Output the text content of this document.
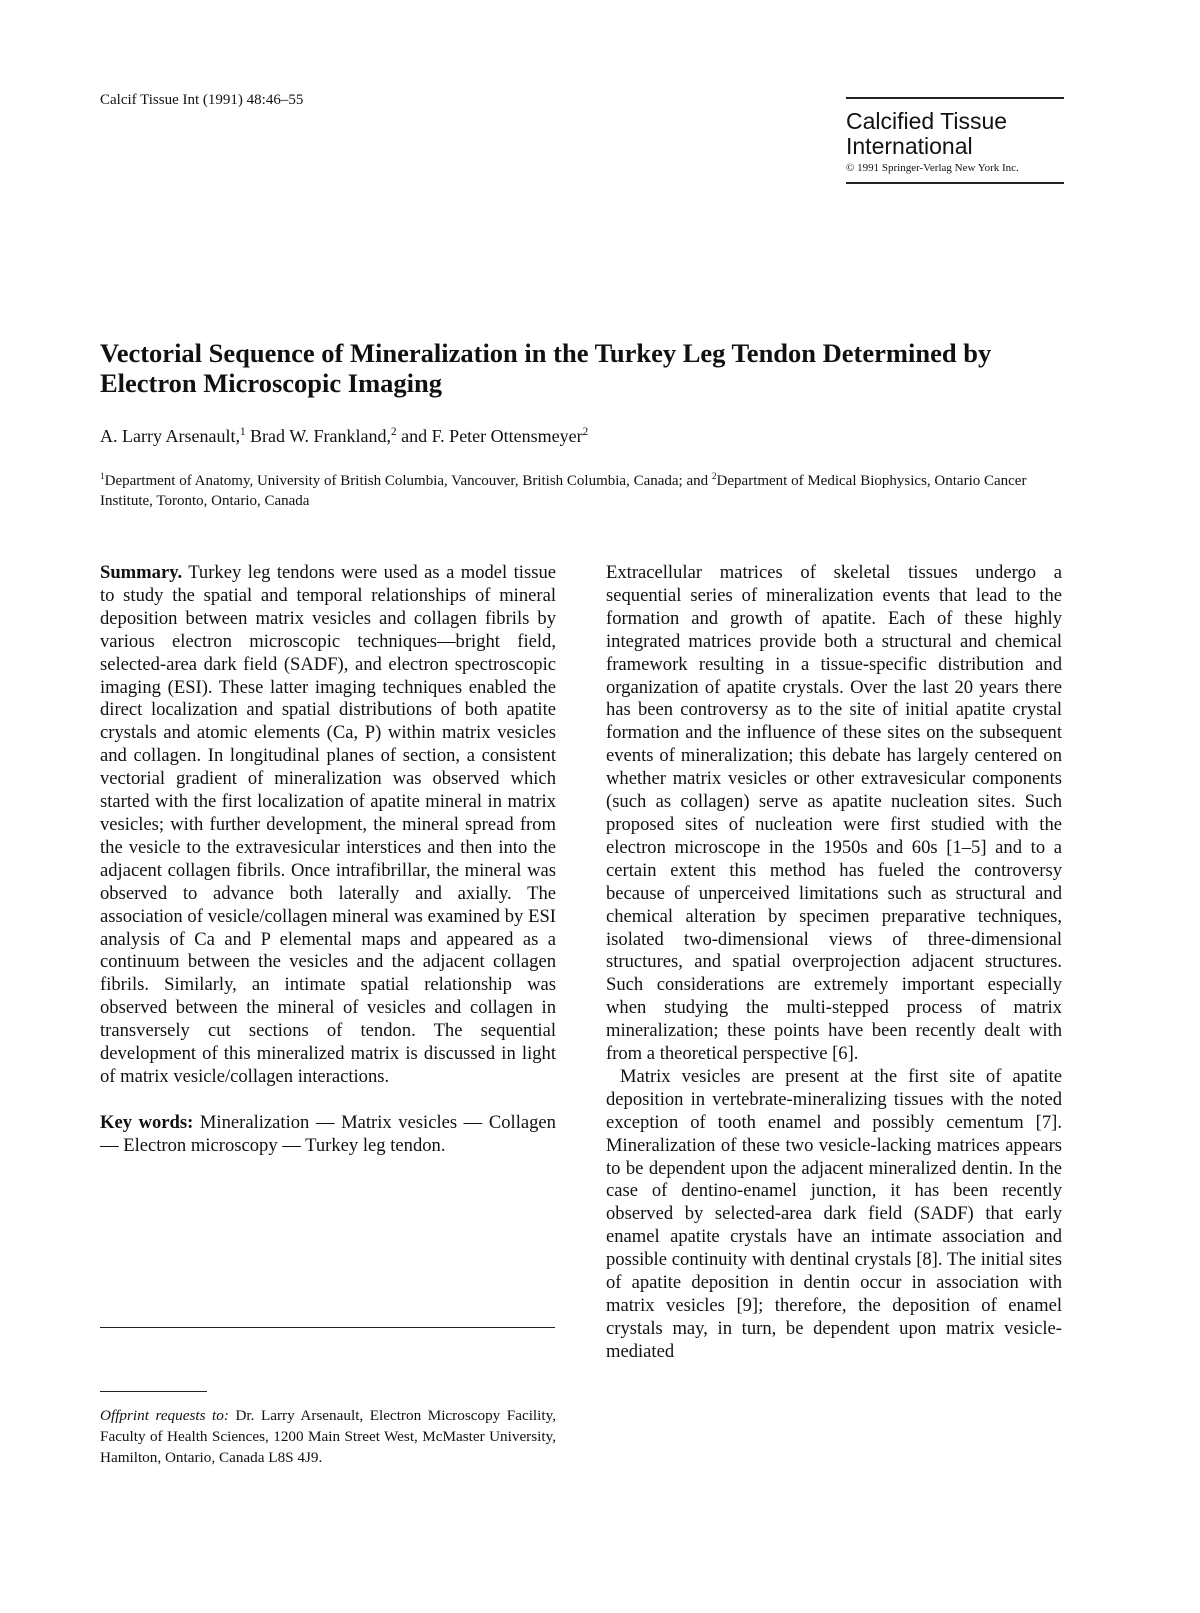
Calcif Tissue Int (1991) 48:46–55
Calcified Tissue International
© 1991 Springer-Verlag New York Inc.
Vectorial Sequence of Mineralization in the Turkey Leg Tendon Determined by Electron Microscopic Imaging
A. Larry Arsenault,$^1$ Brad W. Frankland,$^2$ and F. Peter Ottensmeyer$^2$
$^1$Department of Anatomy, University of British Columbia, Vancouver, British Columbia, Canada; and $^2$Department of Medical Biophysics, Ontario Cancer Institute, Toronto, Ontario, Canada

Summary. Turkey leg tendons were used as a model tissue to study the spatial and temporal relationships of mineral deposition between matrix vesicles and collagen fibrils by various electron microscopic techniques—bright field, selected-area dark field (SADF), and electron spectroscopic imaging (ESI). These latter imaging techniques enabled the direct localization and spatial distributions of both apatite crystals and atomic elements (Ca, P) within matrix vesicles and collagen. In longitudinal planes of section, a consistent vectorial gradient of mineralization was observed which started with the first localization of apatite mineral in matrix vesicles; with further development, the mineral spread from the vesicle to the extravesicular interstices and then into the adjacent collagen fibrils. Once intrafibrillar, the mineral was observed to advance both laterally and axially. The association of vesicle/collagen mineral was examined by ESI analysis of Ca and P elemental maps and appeared as a continuum between the vesicles and the adjacent collagen fibrils. Similarly, an intimate spatial relationship was observed between the mineral of vesicles and collagen in transversely cut sections of tendon. The sequential development of this mineralized matrix is discussed in light of matrix vesicle/collagen interactions.

Key words: Mineralization — Matrix vesicles — Collagen — Electron microscopy — Turkey leg tendon.

Offprint requests to: Dr. Larry Arsenault, Electron Microscopy Facility, Faculty of Health Sciences, 1200 Main Street West, McMaster University, Hamilton, Ontario, Canada L8S 4J9.

Extracellular matrices of skeletal tissues undergo a sequential series of mineralization events that lead to the formation and growth of apatite. Each of these highly integrated matrices provide both a structural and chemical framework resulting in a tissue-specific distribution and organization of apatite crystals. Over the last 20 years there has been controversy as to the site of initial apatite crystal formation and the influence of these sites on the subsequent events of mineralization; this debate has largely centered on whether matrix vesicles or other extravesicular components (such as collagen) serve as apatite nucleation sites. Such proposed sites of nucleation were first studied with the electron microscope in the 1950s and 60s [1–5] and to a certain extent this method has fueled the controversy because of unperceived limitations such as structural and chemical alteration by specimen preparative techniques, isolated two-dimensional views of three-dimensional structures, and spatial overprojection adjacent structures. Such considerations are extremely important especially when studying the multi-stepped process of matrix mineralization; these points have been recently dealt with from a theoretical perspective [6].

Matrix vesicles are present at the first site of apatite deposition in vertebrate-mineralizing tissues with the noted exception of tooth enamel and possibly cementum [7]. Mineralization of these two vesicle-lacking matrices appears to be dependent upon the adjacent mineralized dentin. In the case of dentino-enamel junction, it has been recently observed by selected-area dark field (SADF) that early enamel apatite crystals have an intimate association and possible continuity with dentinal crystals [8]. The initial sites of apatite deposition in dentin occur in association with matrix vesicles [9]; therefore, the deposition of enamel crystals may, in turn, be dependent upon matrix vesicle-mediated
